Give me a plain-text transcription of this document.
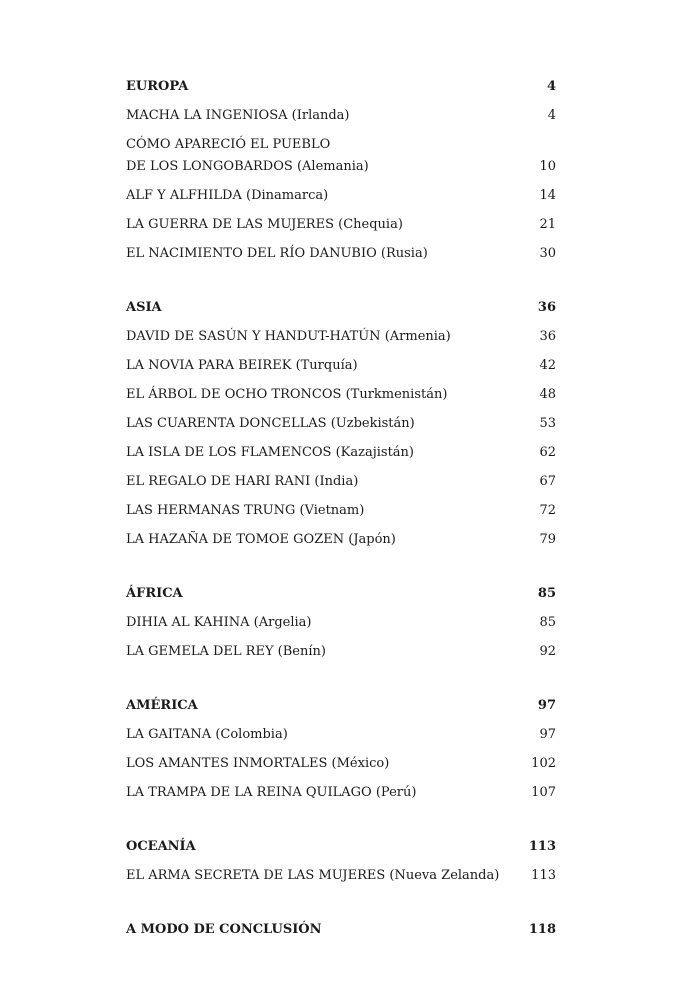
EUROPA	4
MACHA LA INGENIOSA (Irlanda)	4
CÓMO APARECIÓ EL PUEBLO
DE LOS LONGOBARDOS (Alemania)	10
ALF Y ALFHILDA (Dinamarca)	14
LA GUERRA DE LAS MUJERES (Chequia)	21
EL NACIMIENTO DEL RÍO DANUBIO (Rusia)	30
ASIA	36
DAVID DE SASÚN Y HANDUT-HATÚN (Armenia)	36
LA NOVIA PARA BEIREK (Turquía)	42
EL ÁRBOL DE OCHO TRONCOS (Turkmenistán)	48
LAS CUARENTA DONCELLAS (Uzbekistán)	53
LA ISLA DE LOS FLAMENCOS (Kazajistán)	62
EL REGALO DE HARI RANI (India)	67
LAS HERMANAS TRUNG (Vietnam)	72
LA HAZAÑA DE TOMOE GOZEN (Japón)	79
ÁFRICA	85
DIHIA AL KAHINA (Argelia)	85
LA GEMELA DEL REY (Benín)	92
AMÉRICA	97
LA GAITANA (Colombia)	97
LOS AMANTES INMORTALES (México)	102
LA TRAMPA DE LA REINA QUILAGO (Perú)	107
OCEANÍA	113
EL ARMA SECRETA DE LAS MUJERES (Nueva Zelanda)	113
A MODO DE CONCLUSIÓN	118
